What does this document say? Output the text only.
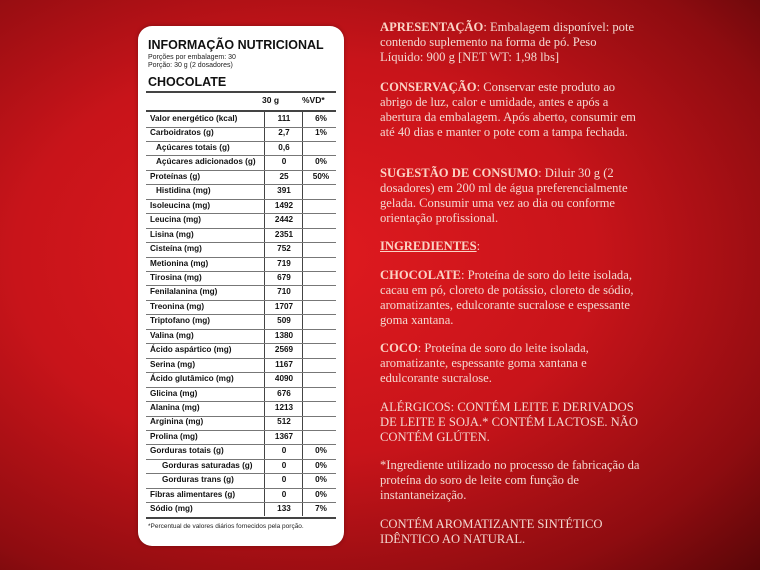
INFORMAÇÃO NUTRICIONAL
Porções por embalagem: 30
Porção: 30 g (2 dosadores)
CHOCOLATE
30 g	%VD*
Valor energético (kcal)	111	6%
Carboidratos (g)	2,7	1%
Açúcares totais (g)	0,6
Açúcares adicionados (g)	0	0%
Proteínas (g)	25	50%
Histidina (mg)	391
Isoleucina (mg)	1492
Leucina (mg)	2442
Lisina (mg)	2351
Cisteína (mg)	752
Metionina (mg)	719
Tirosina (mg)	679
Fenilalanina (mg)	710
Treonina (mg)	1707
Triptofano (mg)	509
Valina (mg)	1380
Ácido aspártico (mg)	2569
Serina (mg)	1167
Ácido glutâmico (mg)	4090
Glicina (mg)	676
Alanina (mg)	1213
Arginina (mg)	512
Prolina (mg)	1367
Gorduras totais (g)	0	0%
Gorduras saturadas (g)	0	0%
Gorduras trans (g)	0	0%
Fibras alimentares (g)	0	0%
Sódio (mg)	133	7%
*Percentual de valores diários fornecidos pela porção.
APRESENTAÇÃO: Embalagem disponível: pote contendo suplemento na forma de pó. Peso Líquido: 900 g [NET WT: 1,98 lbs]
CONSERVAÇÃO: Conservar este produto ao abrigo de luz, calor e umidade, antes e após a abertura da embalagem. Após aberto, consumir em até 40 dias e manter o pote com a tampa fechada.
SUGESTÃO DE CONSUMO: Diluir 30 g (2 dosadores) em 200 ml de água preferencialmente gelada. Consumir uma vez ao dia ou conforme orientação profissional.
INGREDIENTES:
CHOCOLATE: Proteína de soro do leite isolada, cacau em pó, cloreto de potássio, cloreto de sódio, aromatizantes, edulcorante sucralose e espessante goma xantana.
COCO: Proteína de soro do leite isolada, aromatizante, espessante goma xantana e edulcorante sucralose.
ALÉRGICOS: CONTÉM LEITE E DERIVADOS DE LEITE E SOJA.* CONTÉM LACTOSE. NÃO CONTÉM GLÚTEN.
*Ingrediente utilizado no processo de fabricação da proteína do soro de leite com função de instantaneização.
CONTÉM AROMATIZANTE SINTÉTICO IDÊNTICO AO NATURAL.
